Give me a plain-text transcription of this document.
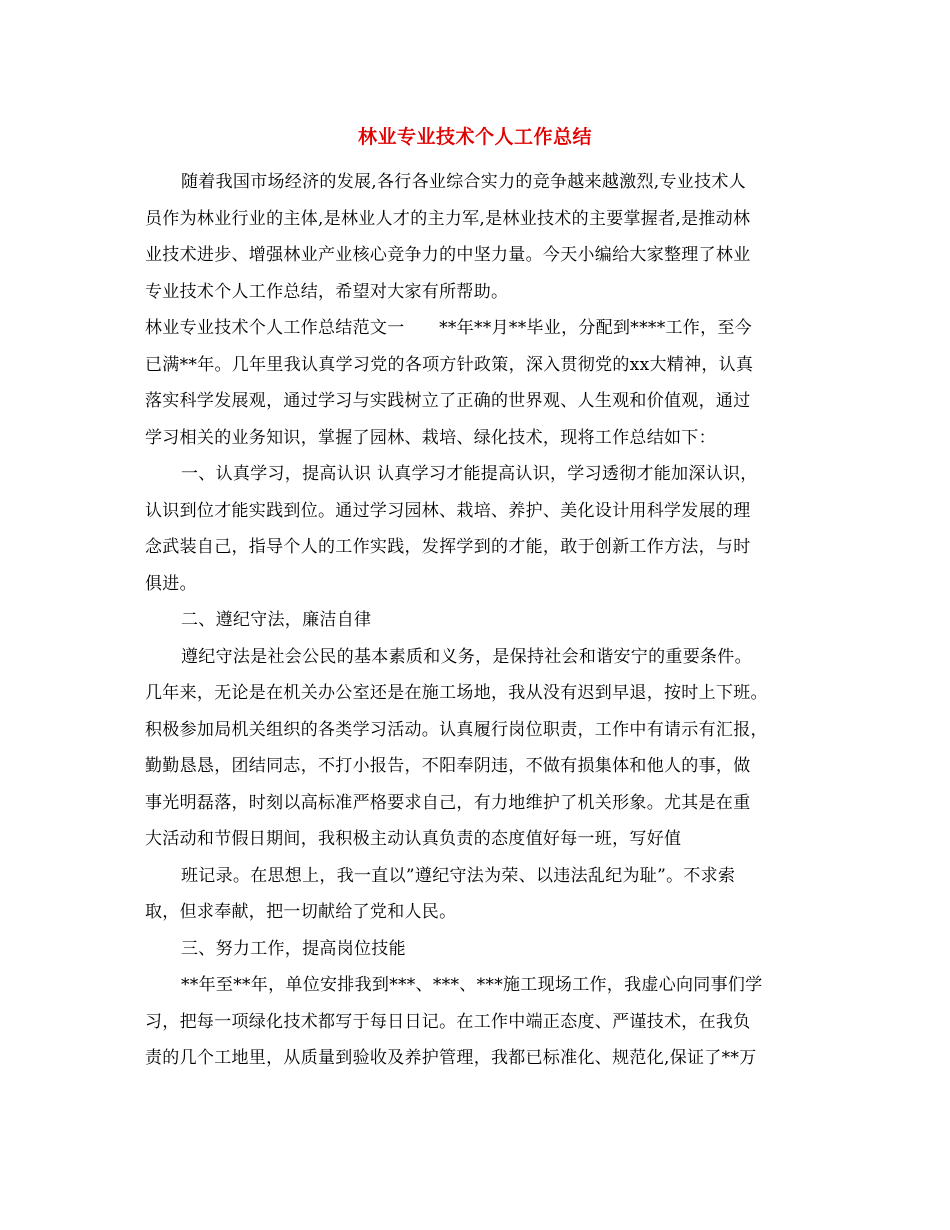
林业专业技术个人工作总结
随着我国市场经济的发展,各行各业综合实力的竞争越来越激烈,专业技术人
员作为林业行业的主体,是林业人才的主力军,是林业技术的主要掌握者,是推动林
业技术进步、增强林业产业核心竞争力的中坚力量。今天小编给大家整理了林业
专业技术个人工作总结，希望对大家有所帮助。
林业专业技术个人工作总结范文一　　**年**月**毕业，分配到****工作，至今
已满**年。几年里我认真学习党的各项方针政策，深入贯彻党的xx大精神，认真
落实科学发展观，通过学习与实践树立了正确的世界观、人生观和价值观，通过
学习相关的业务知识，掌握了园林、栽培、绿化技术，现将工作总结如下：
一、认真学习，提高认识 认真学习才能提高认识，学习透彻才能加深认识，
认识到位才能实践到位。通过学习园林、栽培、养护、美化设计用科学发展的理
念武装自己，指导个人的工作实践，发挥学到的才能，敢于创新工作方法，与时
俱进。
二、遵纪守法，廉洁自律
遵纪守法是社会公民的基本素质和义务，是保持社会和谐安宁的重要条件。
几年来，无论是在机关办公室还是在施工场地，我从没有迟到早退，按时上下班。
积极参加局机关组织的各类学习活动。认真履行岗位职责，工作中有请示有汇报，
勤勤恳恳，团结同志，不打小报告，不阳奉阴违，不做有损集体和他人的事，做
事光明磊落，时刻以高标准严格要求自己，有力地维护了机关形象。尤其是在重
大活动和节假日期间，我积极主动认真负责的态度值好每一班，写好值
班记录。在思想上，我一直以”遵纪守法为荣、以违法乱纪为耻”。不求索
取，但求奉献，把一切献给了党和人民。
三、努力工作，提高岗位技能
**年至**年，单位安排我到***、***、***施工现场工作，我虚心向同事们学
习，把每一项绿化技术都写于每日日记。在工作中端正态度、严谨技术，在我负
责的几个工地里，从质量到验收及养护管理，我都已标准化、规范化,保证了**万
